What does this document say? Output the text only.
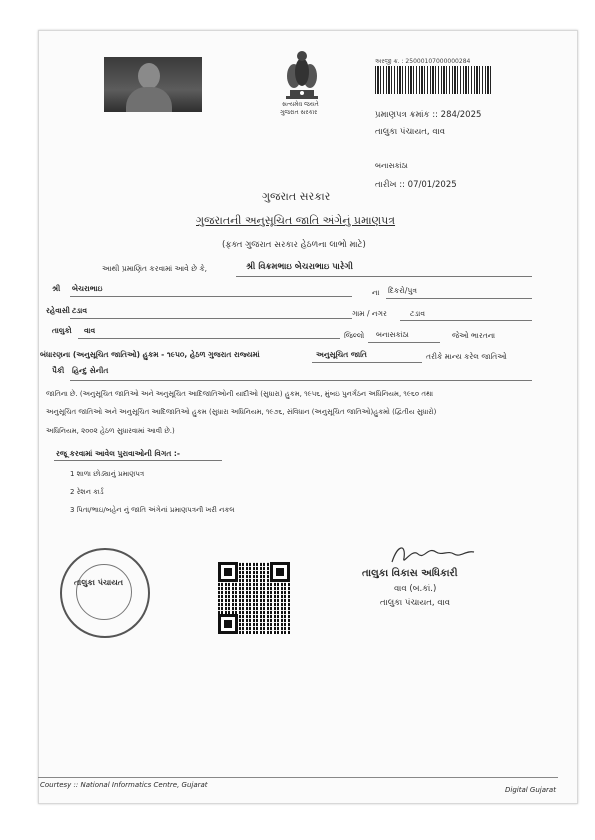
સત્યમેવ જયતે
ગુજરાત સરકાર
અરજી ક્ર. : 25000107000000284
પ્રમાણપત્ર ક્રમાંક :: 284/2025
તાલુકા પંચાયત, વાવ
બનાસકાંઠા
તારીખ :: 07/01/2025
ગુજરાત સરકાર
ગુજરાતની અનુસૂચિત જાતિ અંગેનું પ્રમાણપત્ર
(ફક્ત ગુજરાત સરકાર હેઠળના લાભો માટે)
આથી પ્રમાણિત કરવામાં આવે છે કે,	શ્રી વિક્રમભાઇ બેચરાભાઇ પારેગી
શ્રી બેચરાભાઇ	ના દિકરો/પુત્ર
રહેવાસી ટડાવ	ગામ / નગર	ટડાવ
તાલુકો વાવ
જિલ્લો બનાસકાંઠા	જેઓ ભારતના
બંધારણના (અનુસૂચિત જાતિઓ) હુકમ - ૧૯૫૦, હેઠળ ગુજરાત રાજ્યમાં	અનુસૂચિત જાતિ	તરીકે માન્ય કરેલ જાતિઓ
પૈકી હિન્દુ સેનીત
જાતિના છે. (અનુસૂચિત જાતિઓ અને અનુસૂચિત આદિજાતિઓની યાદીઓ (સુધારા) હુકમ, ૧૯૫૬, મુંબઇ પુનર્ગઠન અધિનિયમ, ૧૯૬૦ તથા
અનુસૂચિત જાતિઓ અને અનુસૂચિત આદિજાતિઓ હુકમ (સુધારા અધિનિયમ, ૧૯૭૬, સંવિધાન (અનુસૂચિત જાતિઓ)હુકમો (દ્વિતીય સુધારો)
અધિનિયમ, ૨૦૦૨ હેઠળ સુધારવામાં આવી છે.)
રજૂ કરવામાં આવેલ પુરાવાઓની વિગત :-
1 શાળા છોડ્યાનું પ્રમાણપત્ર
2 રેશન કાર્ડ
3 પિતા/ભાઇ/બહેન નું જાતિ અંગેનાં પ્રમાણપત્રની ખરી નકલ
તાલુકા પંચાયત
તાલુકા વિકાસ અધિકારી
વાવ (બ.કાં.)
તાલુકા પંચાયત, વાવ
Courtesy :: National Informatics Centre, Gujarat
Digital Gujarat
